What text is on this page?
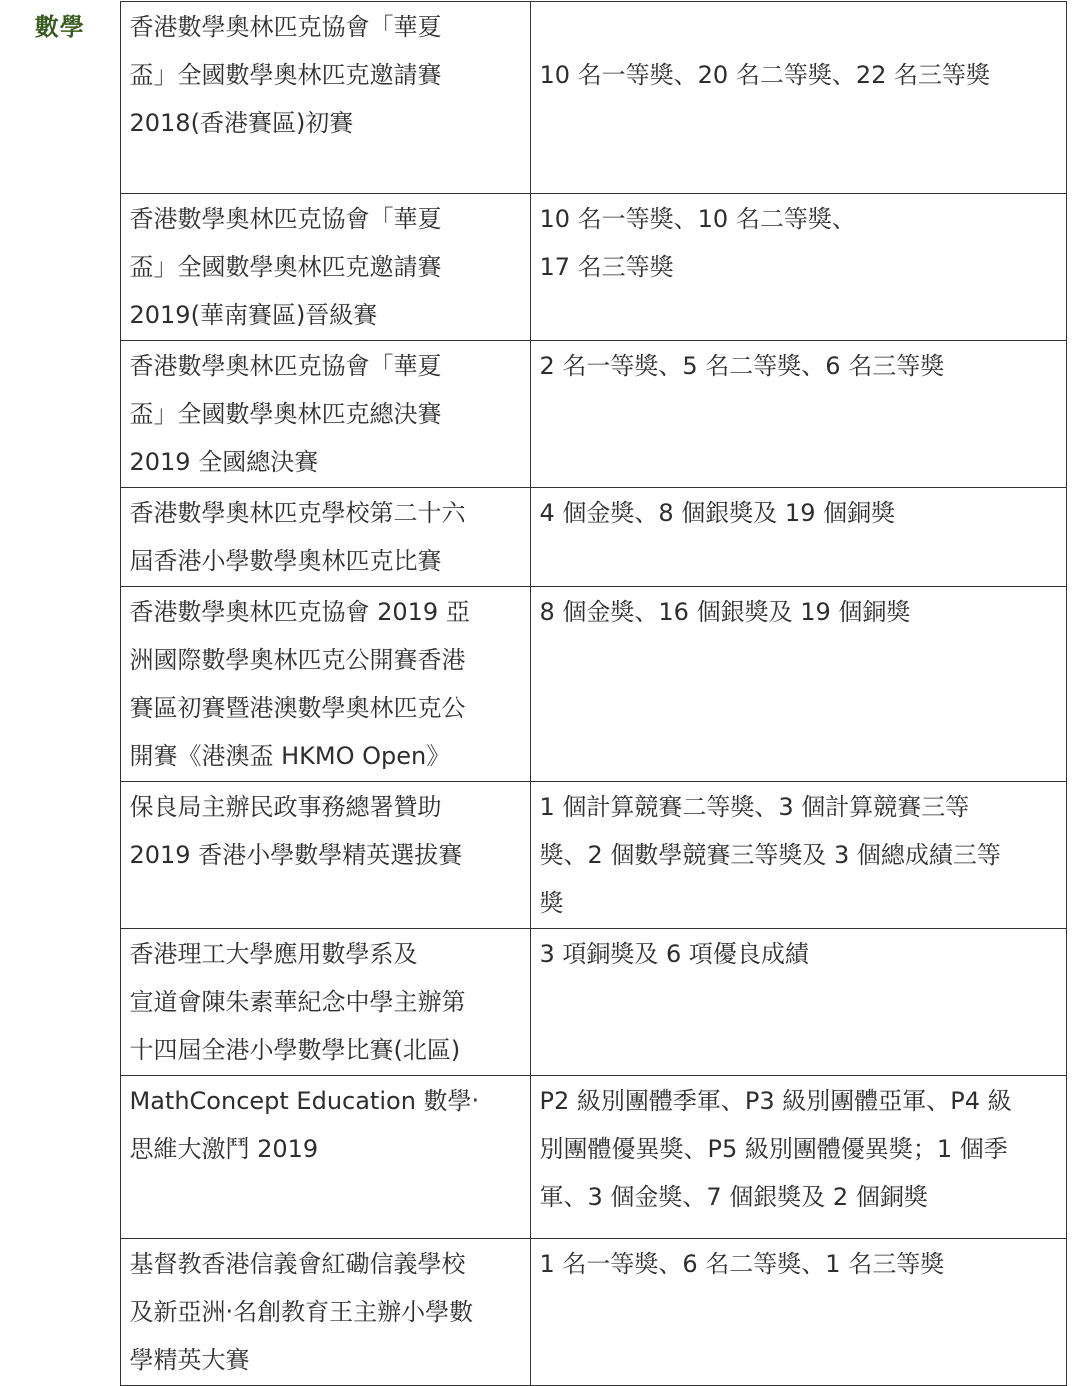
數學	香港數學奧林匹克協會「華夏
盃」全國數學奧林匹克邀請賽
2018(香港賽區)初賽	10 名一等獎、20 名二等獎、22 名三等獎

	香港數學奧林匹克協會「華夏
盃」全國數學奧林匹克邀請賽
2019(華南賽區)晉級賽	10 名一等獎、10 名二等獎、
17 名三等獎

	香港數學奧林匹克協會「華夏
盃」全國數學奧林匹克總決賽
2019 全國總決賽	2 名一等獎、5 名二等獎、6 名三等獎

	香港數學奧林匹克學校第二十六
屆香港小學數學奧林匹克比賽	4 個金獎、8 個銀獎及 19 個銅獎

	香港數學奧林匹克協會 2019 亞
洲國際數學奧林匹克公開賽香港
賽區初賽暨港澳數學奧林匹克公
開賽《港澳盃 HKMO Open》	8 個金獎、16 個銀獎及 19 個銅獎

	保良局主辦民政事務總署贊助
2019 香港小學數學精英選拔賽	1 個計算競賽二等獎、3 個計算競賽三等
獎、2 個數學競賽三等獎及 3 個總成績三等
獎

	香港理工大學應用數學系及
宣道會陳朱素華紀念中學主辦第
十四屆全港小學數學比賽(北區)	3 項銅獎及 6 項優良成績

	MathConcept Education 數學‧
思維大激鬥 2019	P2 級別團體季軍、P3 級別團體亞軍、P4 級
別團體優異獎、P5 級別團體優異獎；1 個季
軍、3 個金獎、7 個銀獎及 2 個銅獎

	基督教香港信義會紅磡信義學校
及新亞洲‧名創教育王主辦小學數
學精英大賽	1 名一等獎、6 名二等獎、1 名三等獎
